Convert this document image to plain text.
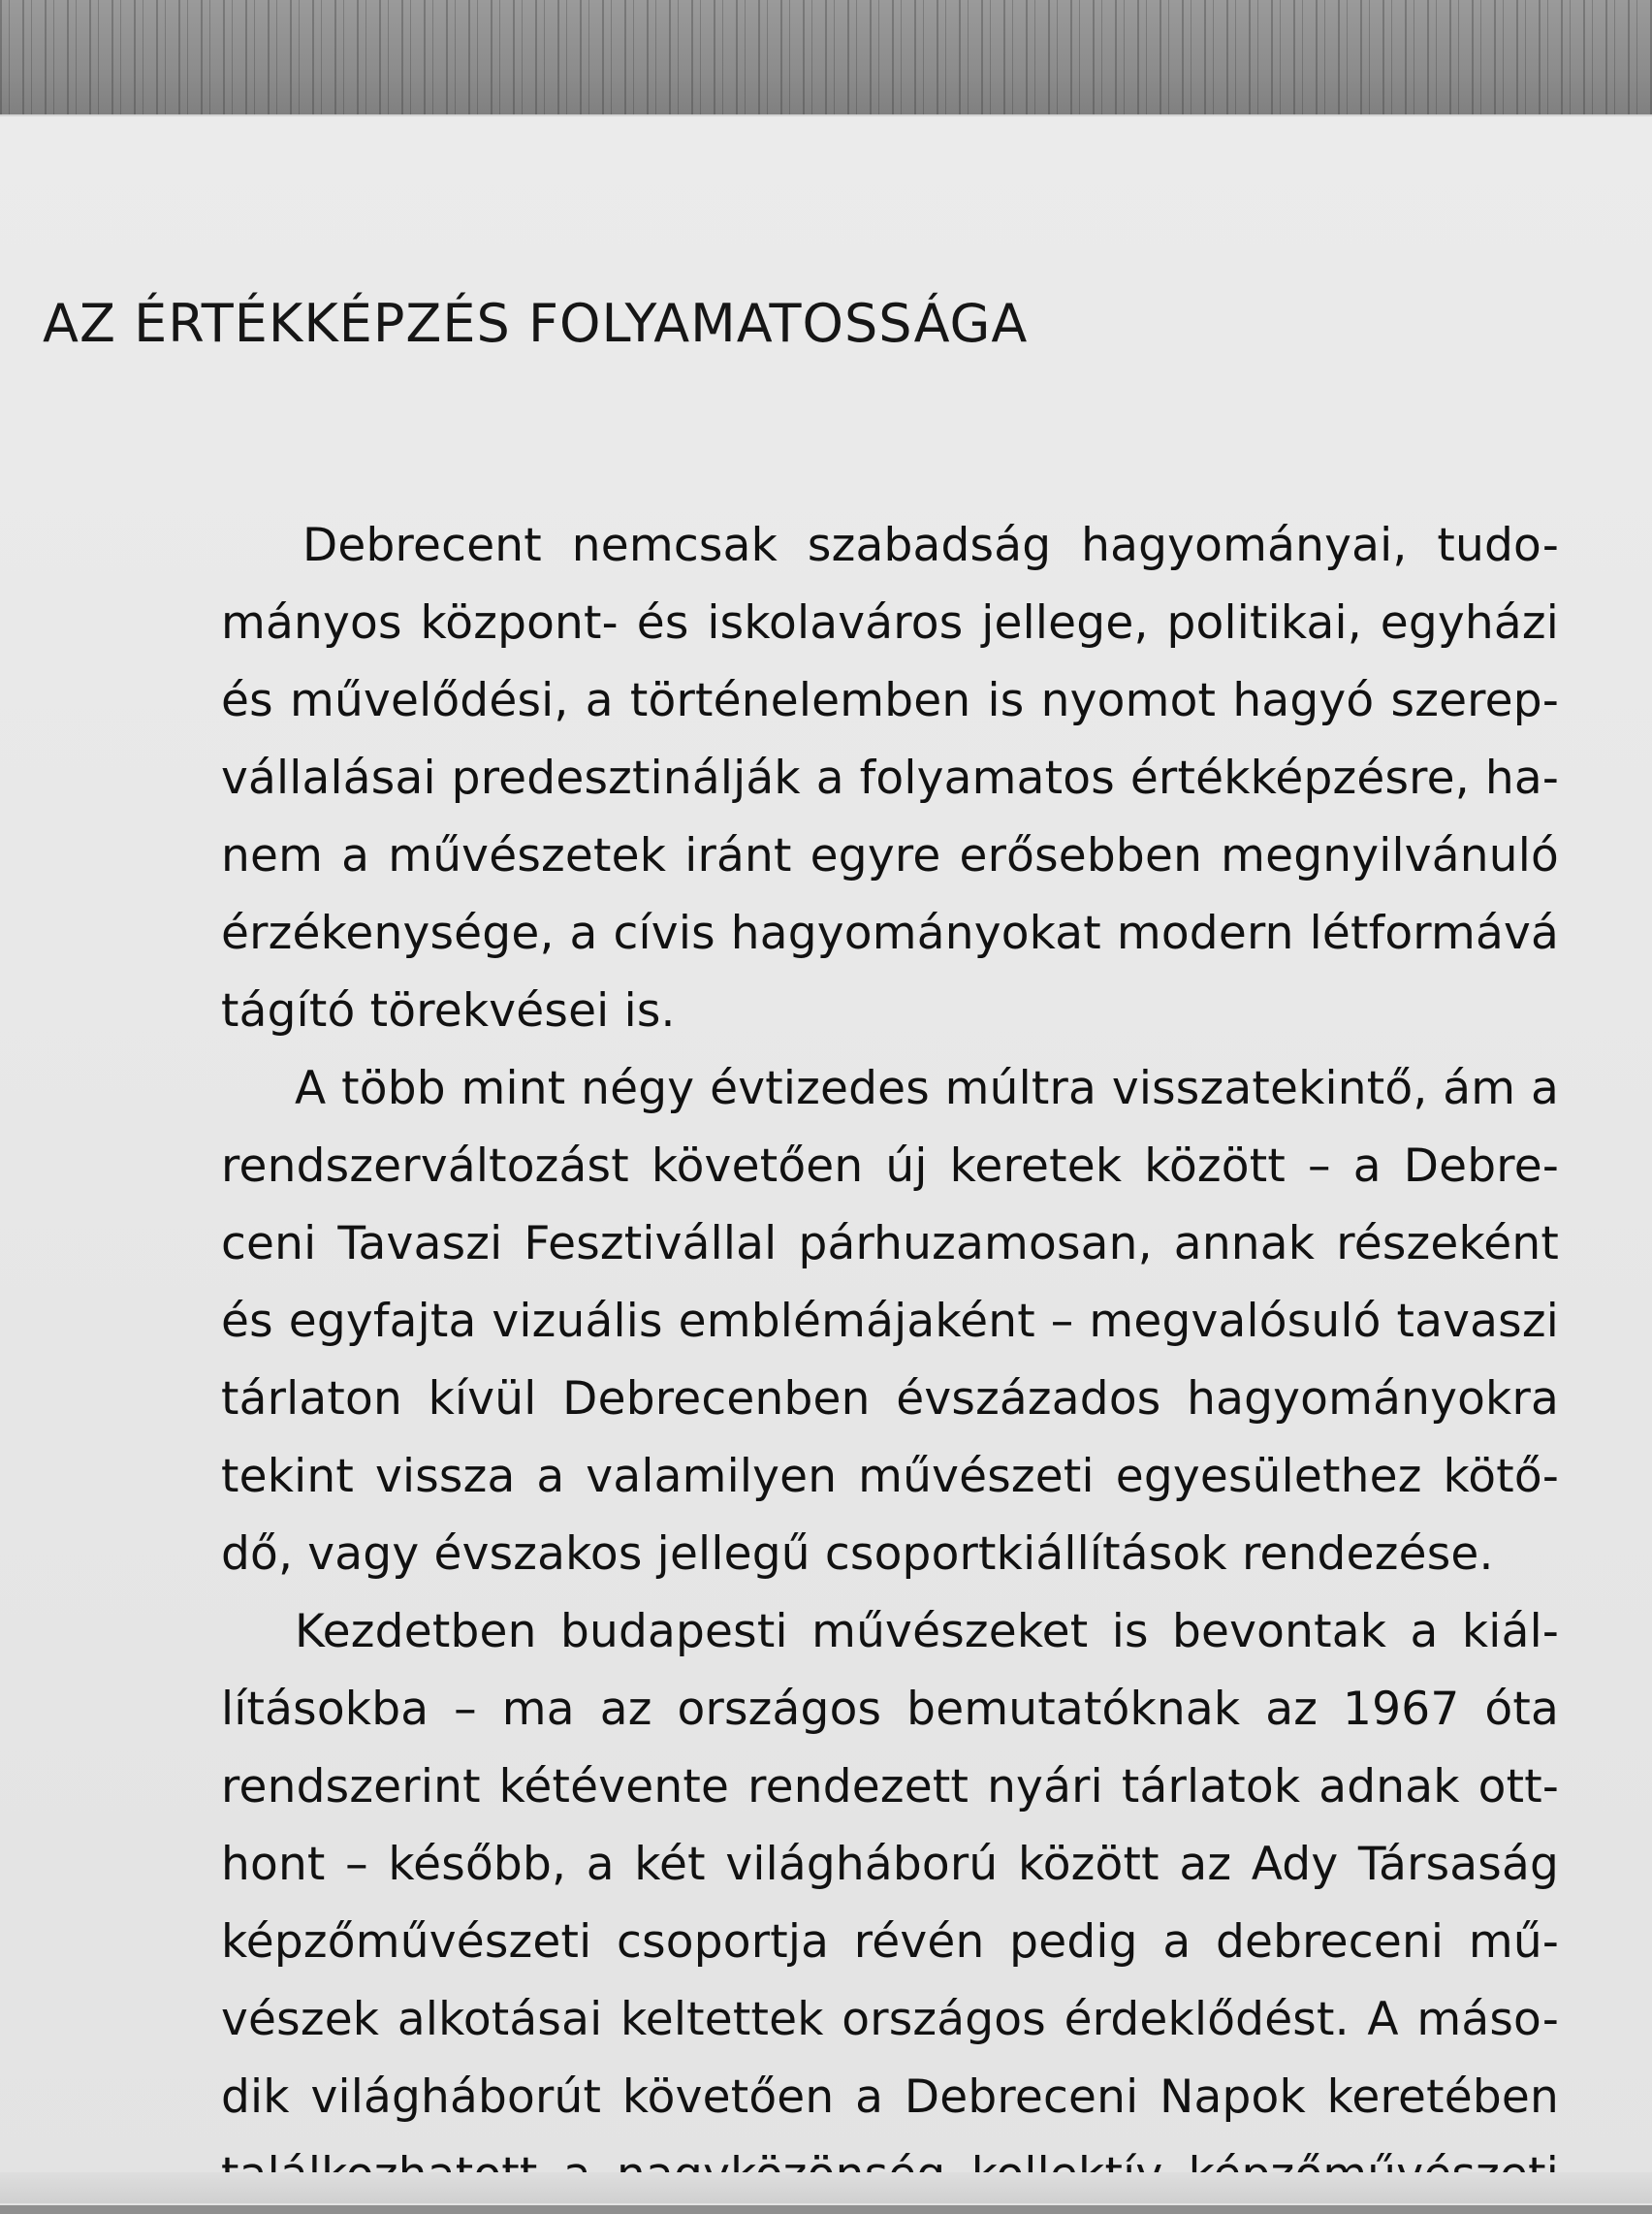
AZ ÉRTÉKKÉPZÉS FOLYAMATOSSÁGA
Debrecent nemcsak szabadság hagyományai, tudo-
mányos központ- és iskolaváros jellege, politikai, egyházi
és művelődési, a történelemben is nyomot hagyó szerep-
vállalásai predesztinálják a folyamatos értékképzésre, ha-
nem a művészetek iránt egyre erősebben megnyilvánuló
érzékenysége, a cívis hagyományokat modern létformává
tágító törekvései is.
A több mint négy évtizedes múltra visszatekintő, ám a
rendszerváltozást követően új keretek között – a Debre-
ceni Tavaszi Fesztivállal párhuzamosan, annak részeként
és egyfajta vizuális emblémájaként – megvalósuló tavaszi
tárlaton kívül Debrecenben évszázados hagyományokra
tekint vissza a valamilyen művészeti egyesülethez kötő-
dő, vagy évszakos jellegű csoportkiállítások rendezése.
Kezdetben budapesti művészeket is bevontak a kiál-
lításokba – ma az országos bemutatóknak az 1967 óta
rendszerint kétévente rendezett nyári tárlatok adnak ott-
hont – később, a két világháború között az Ady Társaság
képzőművészeti csoportja révén pedig a debreceni mű-
vészek alkotásai keltettek országos érdeklődést. A máso-
dik világháborút követően a Debreceni Napok keretében
